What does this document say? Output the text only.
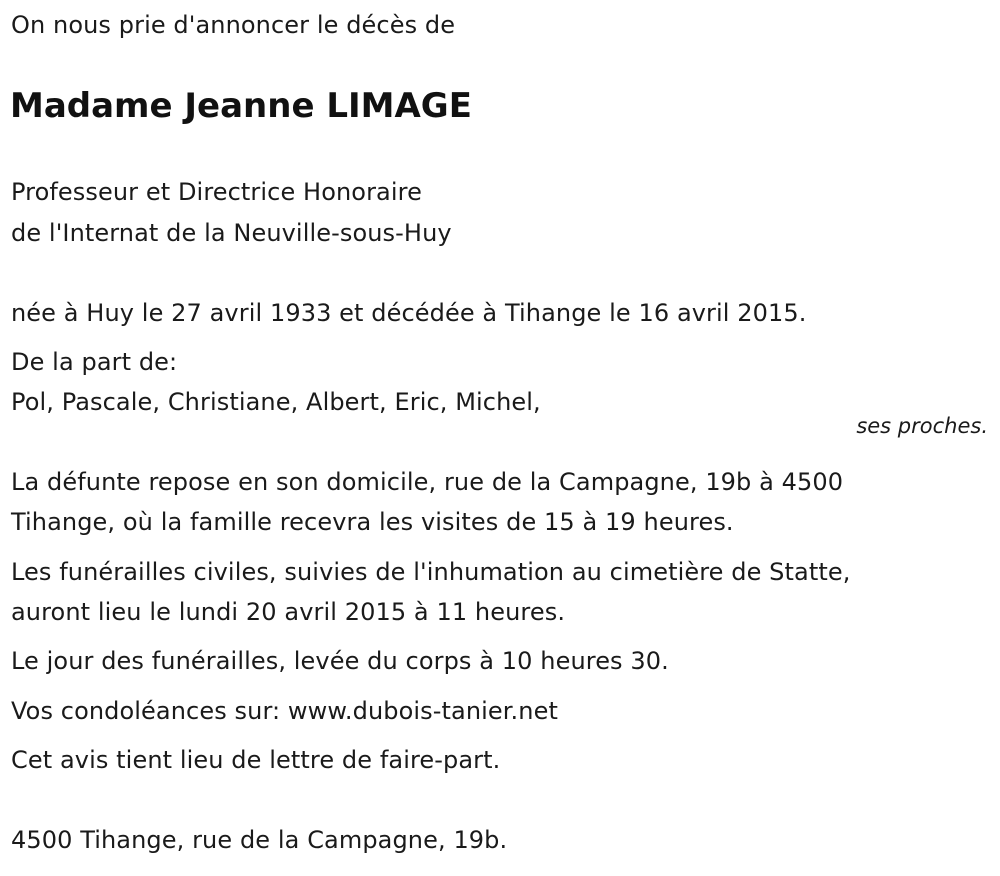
On nous prie d'annoncer le décès de
Madame Jeanne LIMAGE
Professeur et Directrice Honoraire
de l'Internat de la Neuville-sous-Huy
née à Huy le 27 avril 1933 et décédée à Tihange le 16 avril 2015.
De la part de:
Pol, Pascale, Christiane, Albert, Eric, Michel,
ses proches.
La défunte repose en son domicile, rue de la Campagne, 19b à 4500
Tihange, où la famille recevra les visites de 15 à 19 heures.
Les funérailles civiles, suivies de l'inhumation au cimetière de Statte,
auront lieu le lundi 20 avril 2015 à 11 heures.
Le jour des funérailles, levée du corps à 10 heures 30.
Vos condoléances sur: www.dubois-tanier.net
Cet avis tient lieu de lettre de faire-part.
4500 Tihange, rue de la Campagne, 19b.
